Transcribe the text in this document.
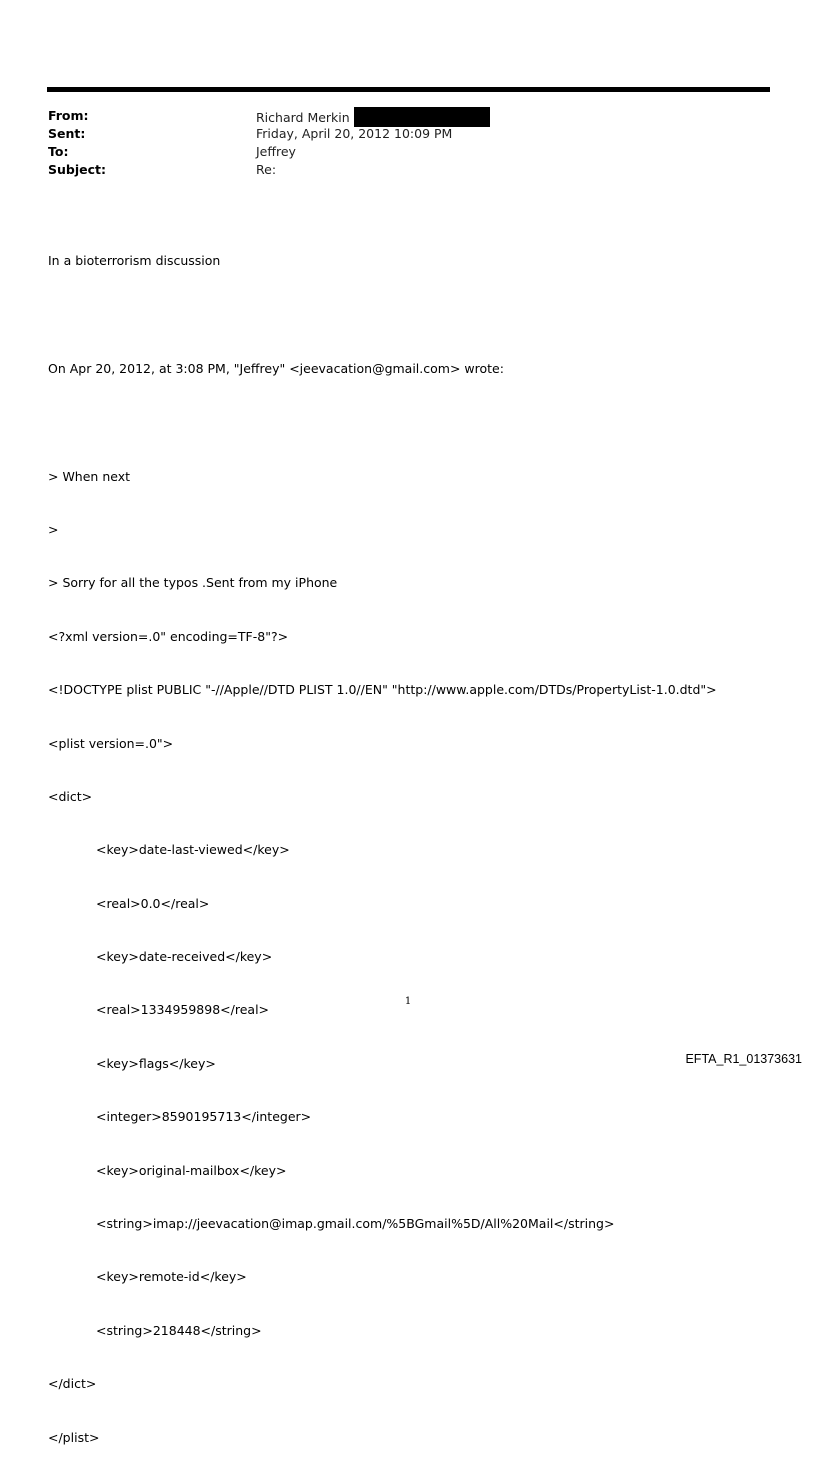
From:	Richard Merkin
Sent:	Friday, April 20, 2012 10:09 PM
To:	Jeffrey
Subject:	Re:

In a bioterrorism discussion

On Apr 20, 2012, at 3:08 PM, "Jeffrey" <jeevacation@gmail.com> wrote:

> When next

>

> Sorry for all the typos .Sent from my iPhone

<?xml version=.0" encoding=TF-8"?>

<!DOCTYPE plist PUBLIC "-//Apple//DTD PLIST 1.0//EN" "http://www.apple.com/DTDs/PropertyList-1.0.dtd">

<plist version=.0">

<dict>

<key>date-last-viewed</key>

<real>0.0</real>

<key>date-received</key>

<real>1334959898</real>

<key>flags</key>

<integer>8590195713</integer>

<key>original-mailbox</key>

<string>imap://jeevacation@imap.gmail.com/%5BGmail%5D/All%20Mail</string>

<key>remote-id</key>

<string>218448</string>

</dict>

</plist>

1
EFTA_R1_01373631
